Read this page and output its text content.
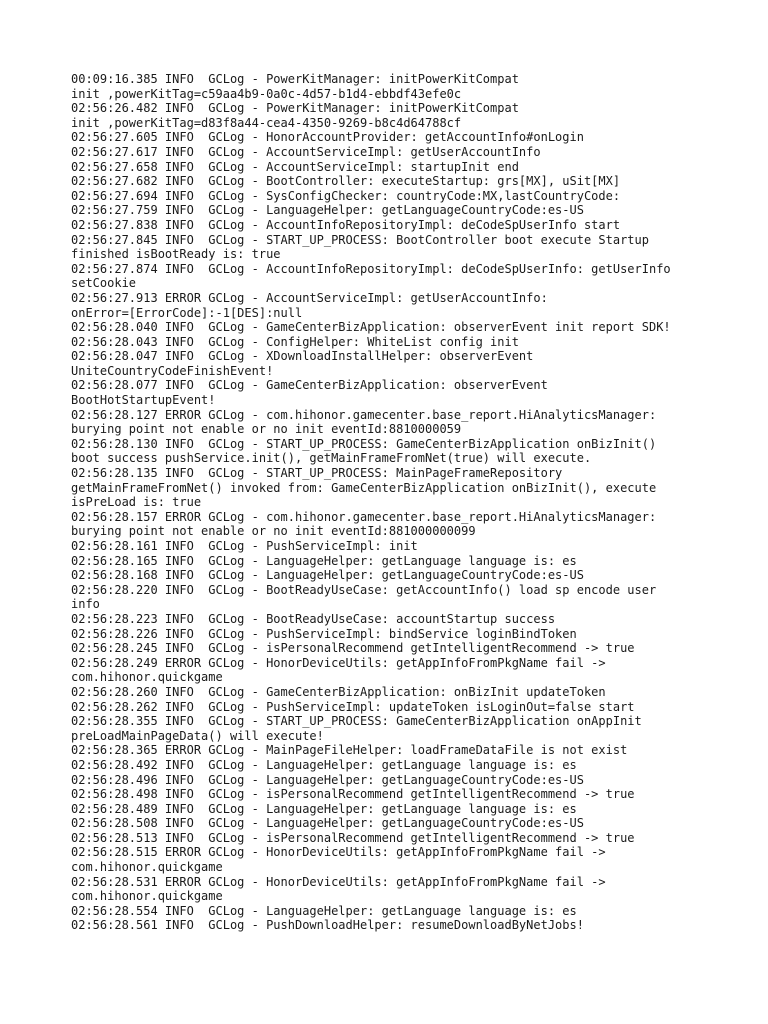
00:09:16.385 INFO  GCLog - PowerKitManager: initPowerKitCompat
init ,powerKitTag=c59aa4b9-0a0c-4d57-b1d4-ebbdf43efe0c
02:56:26.482 INFO  GCLog - PowerKitManager: initPowerKitCompat
init ,powerKitTag=d83f8a44-cea4-4350-9269-b8c4d64788cf
02:56:27.605 INFO  GCLog - HonorAccountProvider: getAccountInfo#onLogin
02:56:27.617 INFO  GCLog - AccountServiceImpl: getUserAccountInfo
02:56:27.658 INFO  GCLog - AccountServiceImpl: startupInit end
02:56:27.682 INFO  GCLog - BootController: executeStartup: grs[MX], uSit[MX]
02:56:27.694 INFO  GCLog - SysConfigChecker: countryCode:MX,lastCountryCode:
02:56:27.759 INFO  GCLog - LanguageHelper: getLanguageCountryCode:es-US
02:56:27.838 INFO  GCLog - AccountInfoRepositoryImpl: deCodeSpUserInfo start
02:56:27.845 INFO  GCLog - START_UP_PROCESS: BootController boot execute Startup
finished isBootReady is: true
02:56:27.874 INFO  GCLog - AccountInfoRepositoryImpl: deCodeSpUserInfo: getUserInfo
setCookie
02:56:27.913 ERROR GCLog - AccountServiceImpl: getUserAccountInfo:
onError=[ErrorCode]:-1[DES]:null
02:56:28.040 INFO  GCLog - GameCenterBizApplication: observerEvent init report SDK!
02:56:28.043 INFO  GCLog - ConfigHelper: WhiteList config init
02:56:28.047 INFO  GCLog - XDownloadInstallHelper: observerEvent
UniteCountryCodeFinishEvent!
02:56:28.077 INFO  GCLog - GameCenterBizApplication: observerEvent
BootHotStartupEvent!
02:56:28.127 ERROR GCLog - com.hihonor.gamecenter.base_report.HiAnalyticsManager:
burying point not enable or no init eventId:8810000059
02:56:28.130 INFO  GCLog - START_UP_PROCESS: GameCenterBizApplication onBizInit()
boot success pushService.init(), getMainFrameFromNet(true) will execute.
02:56:28.135 INFO  GCLog - START_UP_PROCESS: MainPageFrameRepository
getMainFrameFromNet() invoked from: GameCenterBizApplication onBizInit(), execute
isPreLoad is: true
02:56:28.157 ERROR GCLog - com.hihonor.gamecenter.base_report.HiAnalyticsManager:
burying point not enable or no init eventId:881000000099
02:56:28.161 INFO  GCLog - PushServiceImpl: init
02:56:28.165 INFO  GCLog - LanguageHelper: getLanguage language is: es
02:56:28.168 INFO  GCLog - LanguageHelper: getLanguageCountryCode:es-US
02:56:28.220 INFO  GCLog - BootReadyUseCase: getAccountInfo() load sp encode user
info
02:56:28.223 INFO  GCLog - BootReadyUseCase: accountStartup success
02:56:28.226 INFO  GCLog - PushServiceImpl: bindService loginBindToken
02:56:28.245 INFO  GCLog - isPersonalRecommend getIntelligentRecommend -> true
02:56:28.249 ERROR GCLog - HonorDeviceUtils: getAppInfoFromPkgName fail ->
com.hihonor.quickgame
02:56:28.260 INFO  GCLog - GameCenterBizApplication: onBizInit updateToken
02:56:28.262 INFO  GCLog - PushServiceImpl: updateToken isLoginOut=false start
02:56:28.355 INFO  GCLog - START_UP_PROCESS: GameCenterBizApplication onAppInit
preLoadMainPageData() will execute!
02:56:28.365 ERROR GCLog - MainPageFileHelper: loadFrameDataFile is not exist
02:56:28.492 INFO  GCLog - LanguageHelper: getLanguage language is: es
02:56:28.496 INFO  GCLog - LanguageHelper: getLanguageCountryCode:es-US
02:56:28.498 INFO  GCLog - isPersonalRecommend getIntelligentRecommend -> true
02:56:28.489 INFO  GCLog - LanguageHelper: getLanguage language is: es
02:56:28.508 INFO  GCLog - LanguageHelper: getLanguageCountryCode:es-US
02:56:28.513 INFO  GCLog - isPersonalRecommend getIntelligentRecommend -> true
02:56:28.515 ERROR GCLog - HonorDeviceUtils: getAppInfoFromPkgName fail ->
com.hihonor.quickgame
02:56:28.531 ERROR GCLog - HonorDeviceUtils: getAppInfoFromPkgName fail ->
com.hihonor.quickgame
02:56:28.554 INFO  GCLog - LanguageHelper: getLanguage language is: es
02:56:28.561 INFO  GCLog - PushDownloadHelper: resumeDownloadByNetJobs!
